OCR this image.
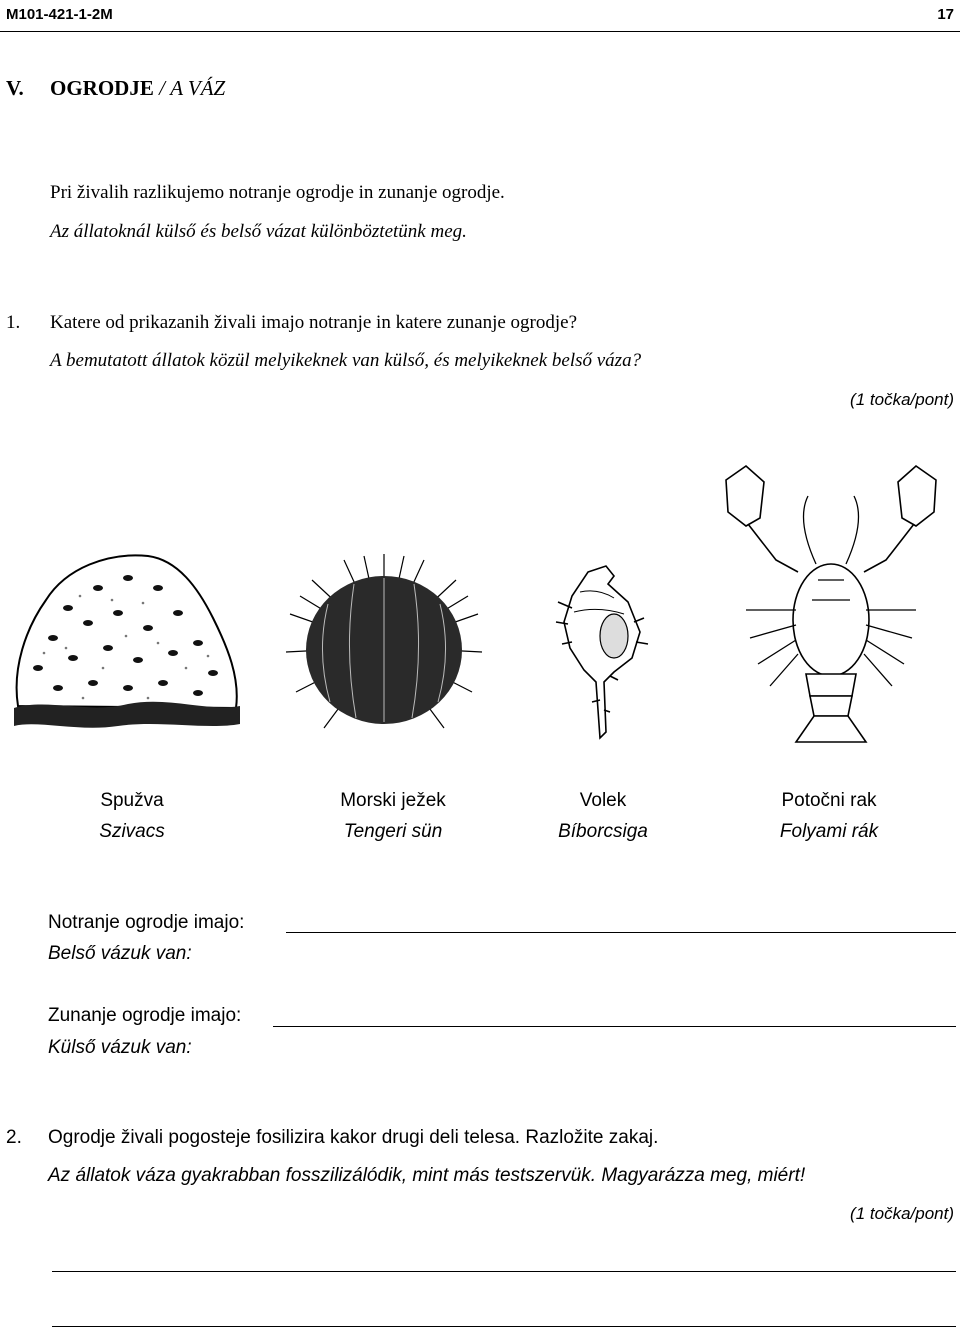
M101-421-1-2M	17
V. OGRODJE / A VÁZ
Pri živalih razlikujemo notranje ogrodje in zunanje ogrodje.
Az állatoknál külső és belső vázat különböztetünk meg.
1. Katere od prikazanih živali imajo notranje in katere zunanje ogrodje?
A bemutatott állatok közül melyikeknek van külső, és melyikeknek belső váza?
(1 točka/pont)
Spužva
Szivacs
Morski ježek
Tengeri sün
Volek
Bíborcsiga
Potočni rak
Folyami rák
Notranje ogrodje imajo:
Belső vázuk van:
Zunanje ogrodje imajo:
Külső vázuk van:
2. Ogrodje živali pogosteje fosilizira kakor drugi deli telesa. Razložite zakaj.
Az állatok váza gyakrabban fosszilizálódik, mint más testszervük. Magyarázza meg, miért!
(1 točka/pont)
